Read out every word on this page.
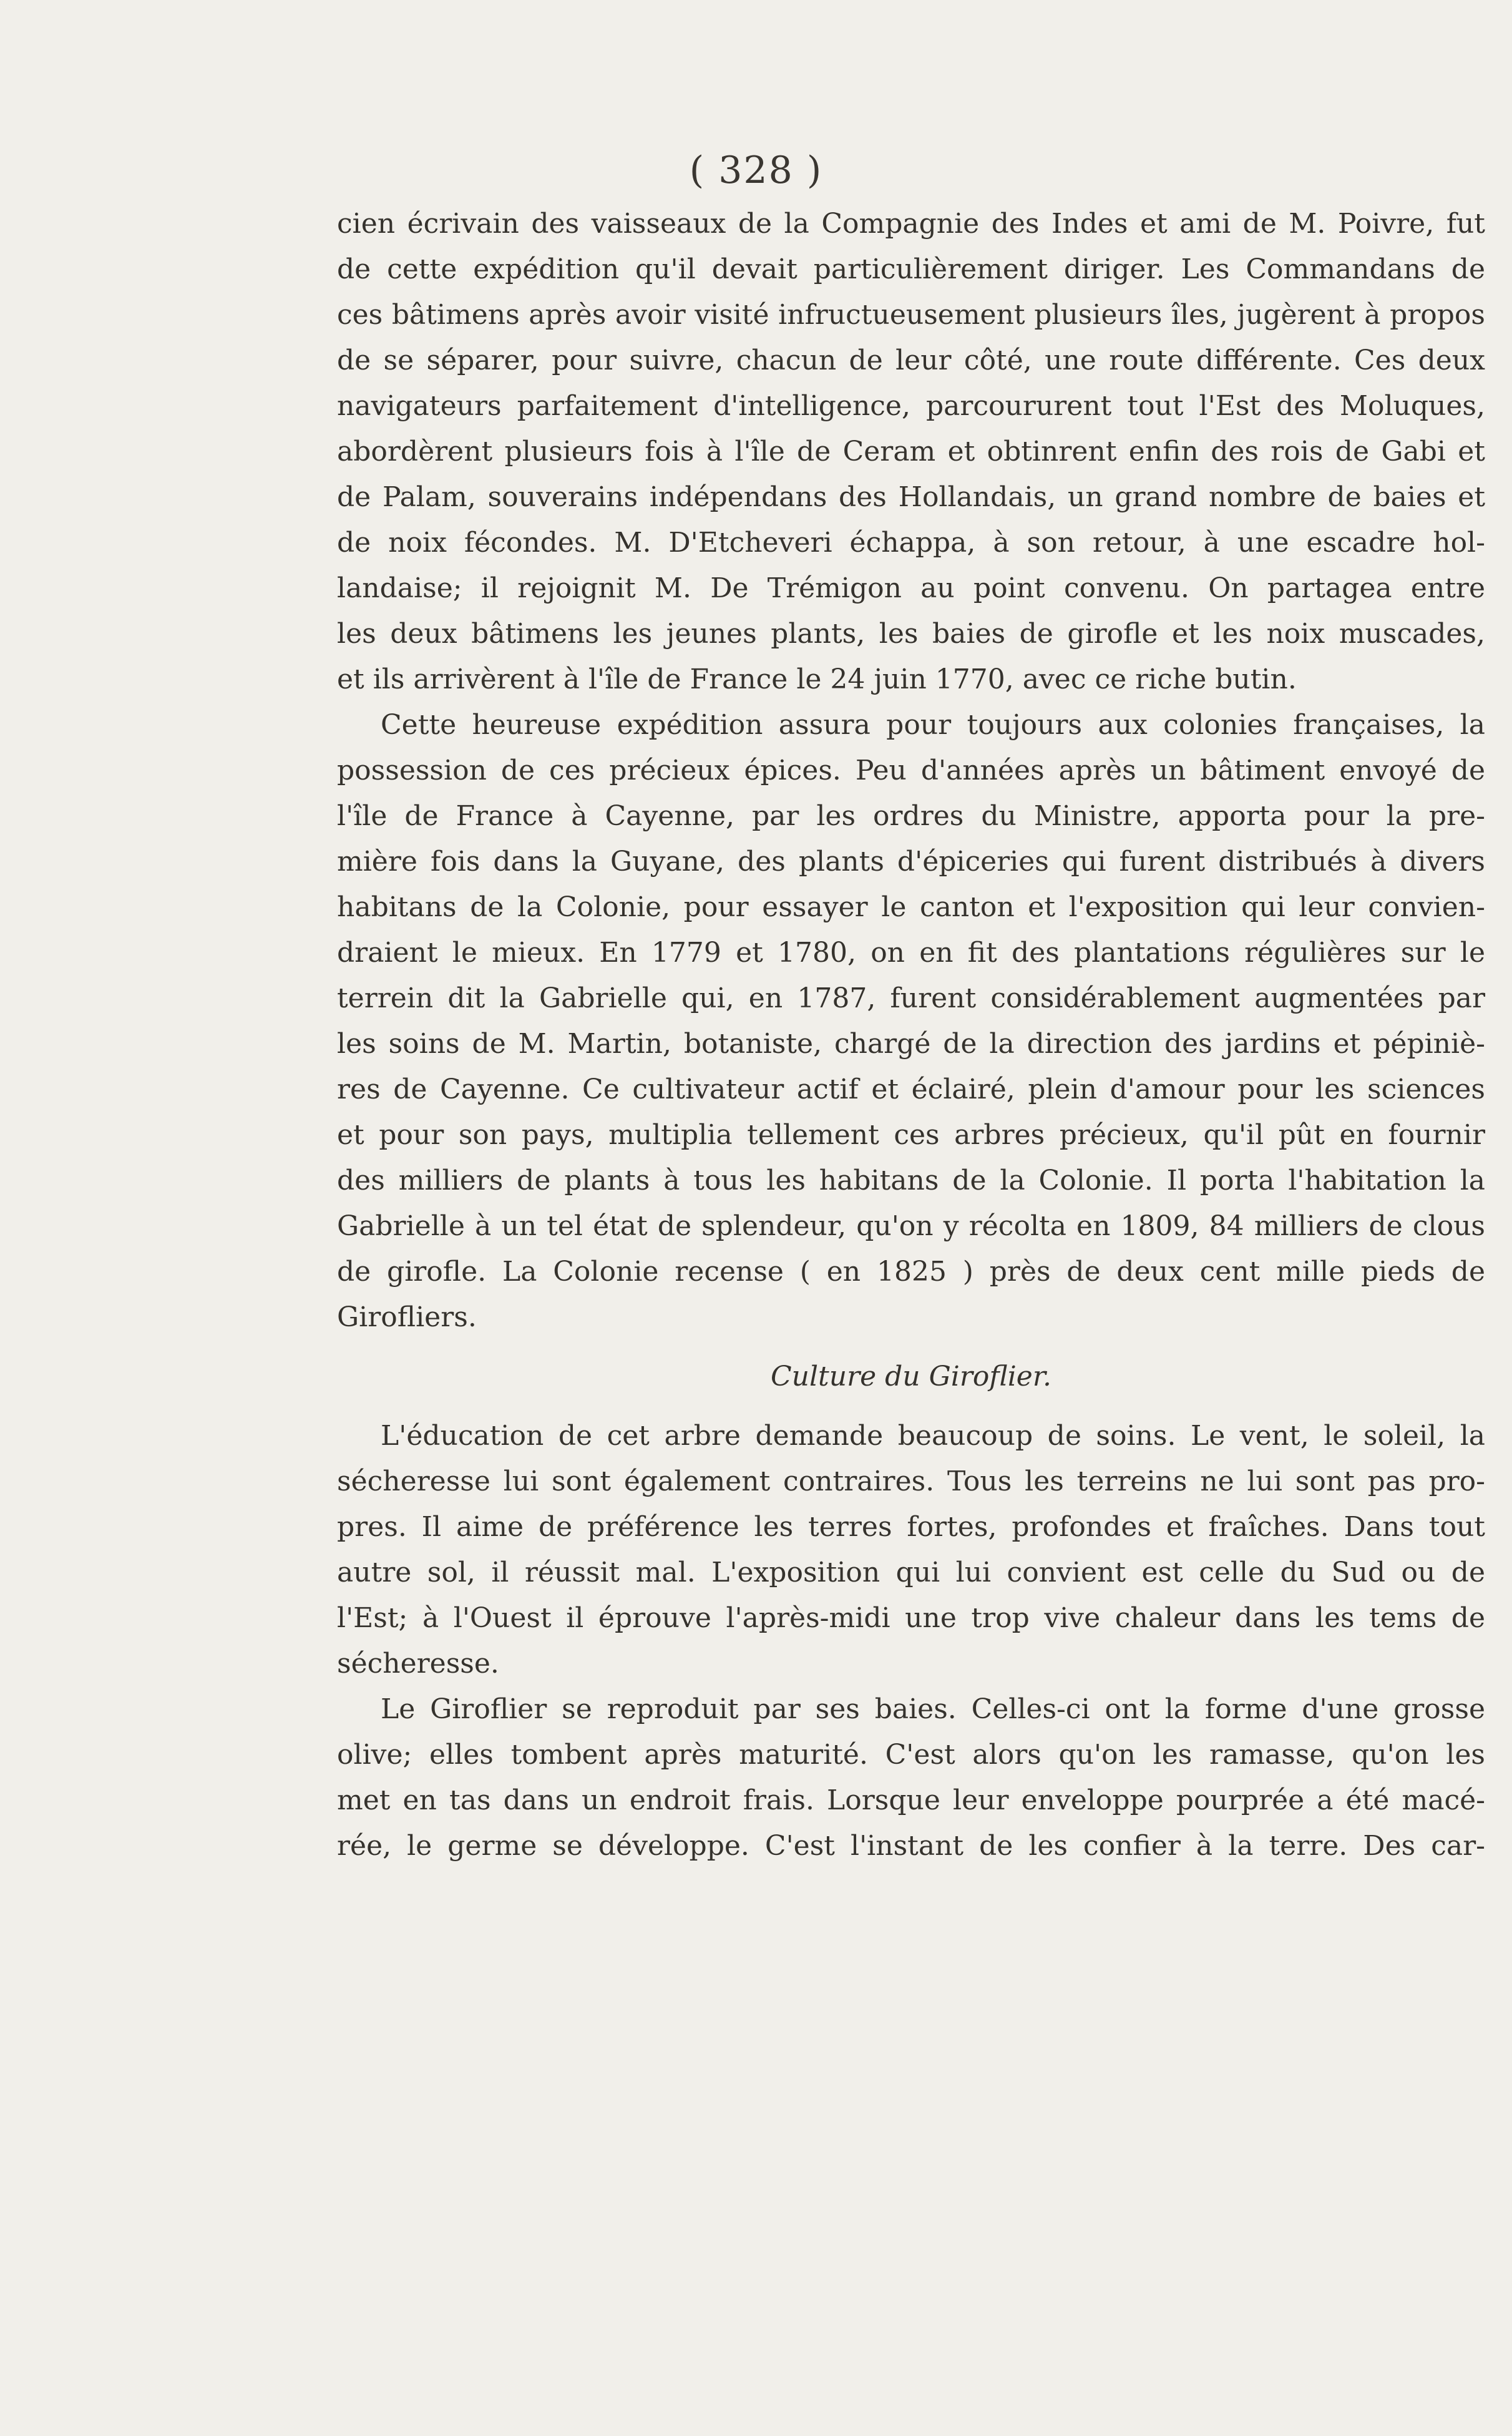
( 328 )
cien écrivain des vaisseaux de la Compagnie des Indes et ami de M. Poivre, fut
de cette expédition qu'il devait particulièrement diriger. Les Commandans de
ces bâtimens après avoir visité infructueusement plusieurs îles, jugèrent à propos
de se séparer, pour suivre, chacun de leur côté, une route différente. Ces deux
navigateurs parfaitement d'intelligence, parcoururent tout l'Est des Moluques,
abordèrent plusieurs fois à l'île de Ceram et obtinrent enfin des rois de Gabi et
de Palam, souverains indépendans des Hollandais, un grand nombre de baies et
de noix fécondes. M. D'Etcheveri échappa, à son retour, à une escadre hol-
landaise; il rejoignit M. De Trémigon au point convenu. On partagea entre
les deux bâtimens les jeunes plants, les baies de girofle et les noix muscades,
et ils arrivèrent à l'île de France le 24 juin 1770, avec ce riche butin.
Cette heureuse expédition assura pour toujours aux colonies françaises, la
possession de ces précieux épices. Peu d'années après un bâtiment envoyé de
l'île de France à Cayenne, par les ordres du Ministre, apporta pour la pre-
mière fois dans la Guyane, des plants d'épiceries qui furent distribués à divers
habitans de la Colonie, pour essayer le canton et l'exposition qui leur convien-
draient le mieux. En 1779 et 1780, on en fit des plantations régulières sur le
terrein dit la Gabrielle qui, en 1787, furent considérablement augmentées par
les soins de M. Martin, botaniste, chargé de la direction des jardins et pépiniè-
res de Cayenne. Ce cultivateur actif et éclairé, plein d'amour pour les sciences
et pour son pays, multiplia tellement ces arbres précieux, qu'il pût en fournir
des milliers de plants à tous les habitans de la Colonie. Il porta l'habitation la
Gabrielle à un tel état de splendeur, qu'on y récolta en 1809, 84 milliers de clous
de girofle. La Colonie recense ( en 1825 ) près de deux cent mille pieds de
Girofliers.
Culture du Giroflier.
L'éducation de cet arbre demande beaucoup de soins. Le vent, le soleil, la
sécheresse lui sont également contraires. Tous les terreins ne lui sont pas pro-
pres. Il aime de préférence les terres fortes, profondes et fraîches. Dans tout
autre sol, il réussit mal. L'exposition qui lui convient est celle du Sud ou de
l'Est; à l'Ouest il éprouve l'après-midi une trop vive chaleur dans les tems de
sécheresse.
Le Giroflier se reproduit par ses baies. Celles-ci ont la forme d'une grosse
olive; elles tombent après maturité. C'est alors qu'on les ramasse, qu'on les
met en tas dans un endroit frais. Lorsque leur enveloppe pourprée a été macé-
rée, le germe se développe. C'est l'instant de les confier à la terre. Des car-
